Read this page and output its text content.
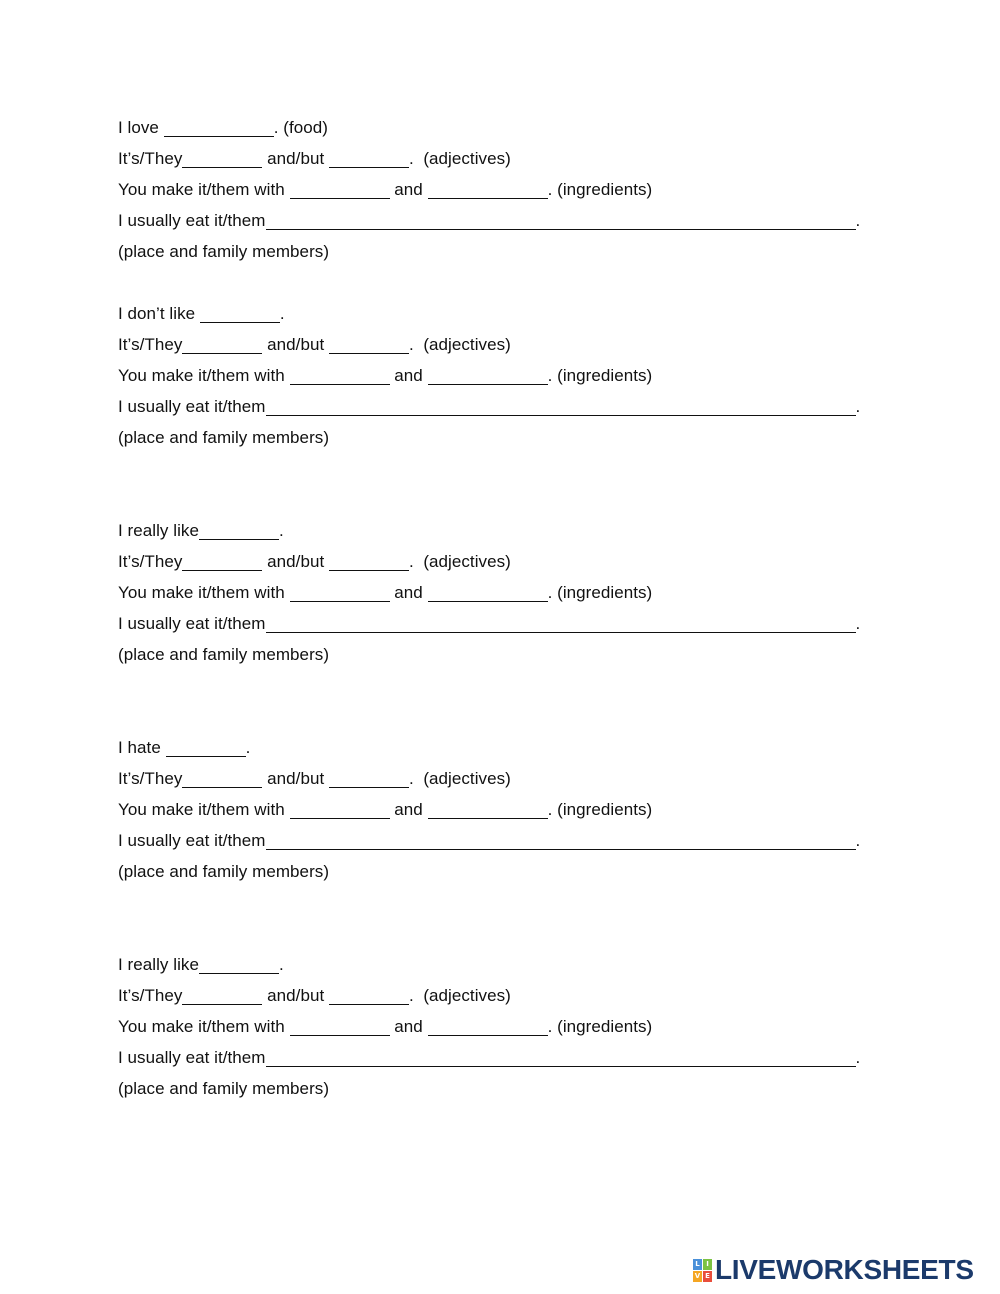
I love	. (food)
It’s/They	and/but	.  (adjectives)
You make it/them with	and	. (ingredients)
I usually eat it/them	.
(place and family members)
I don’t like	.
It’s/They	and/but	.  (adjectives)
You make it/them with	and	. (ingredients)
I usually eat it/them	.
(place and family members)
I really like	.
It’s/They	and/but	.  (adjectives)
You make it/them with	and	. (ingredients)
I usually eat it/them	.
(place and family members)
I hate	.
It’s/They	and/but	.  (adjectives)
You make it/them with	and	. (ingredients)
I usually eat it/them	.
(place and family members)
I really like	.
It’s/They	and/but	.  (adjectives)
You make it/them with	and	. (ingredients)
I usually eat it/them	.
(place and family members)
L I
V E LIVEWORKSHEETS
